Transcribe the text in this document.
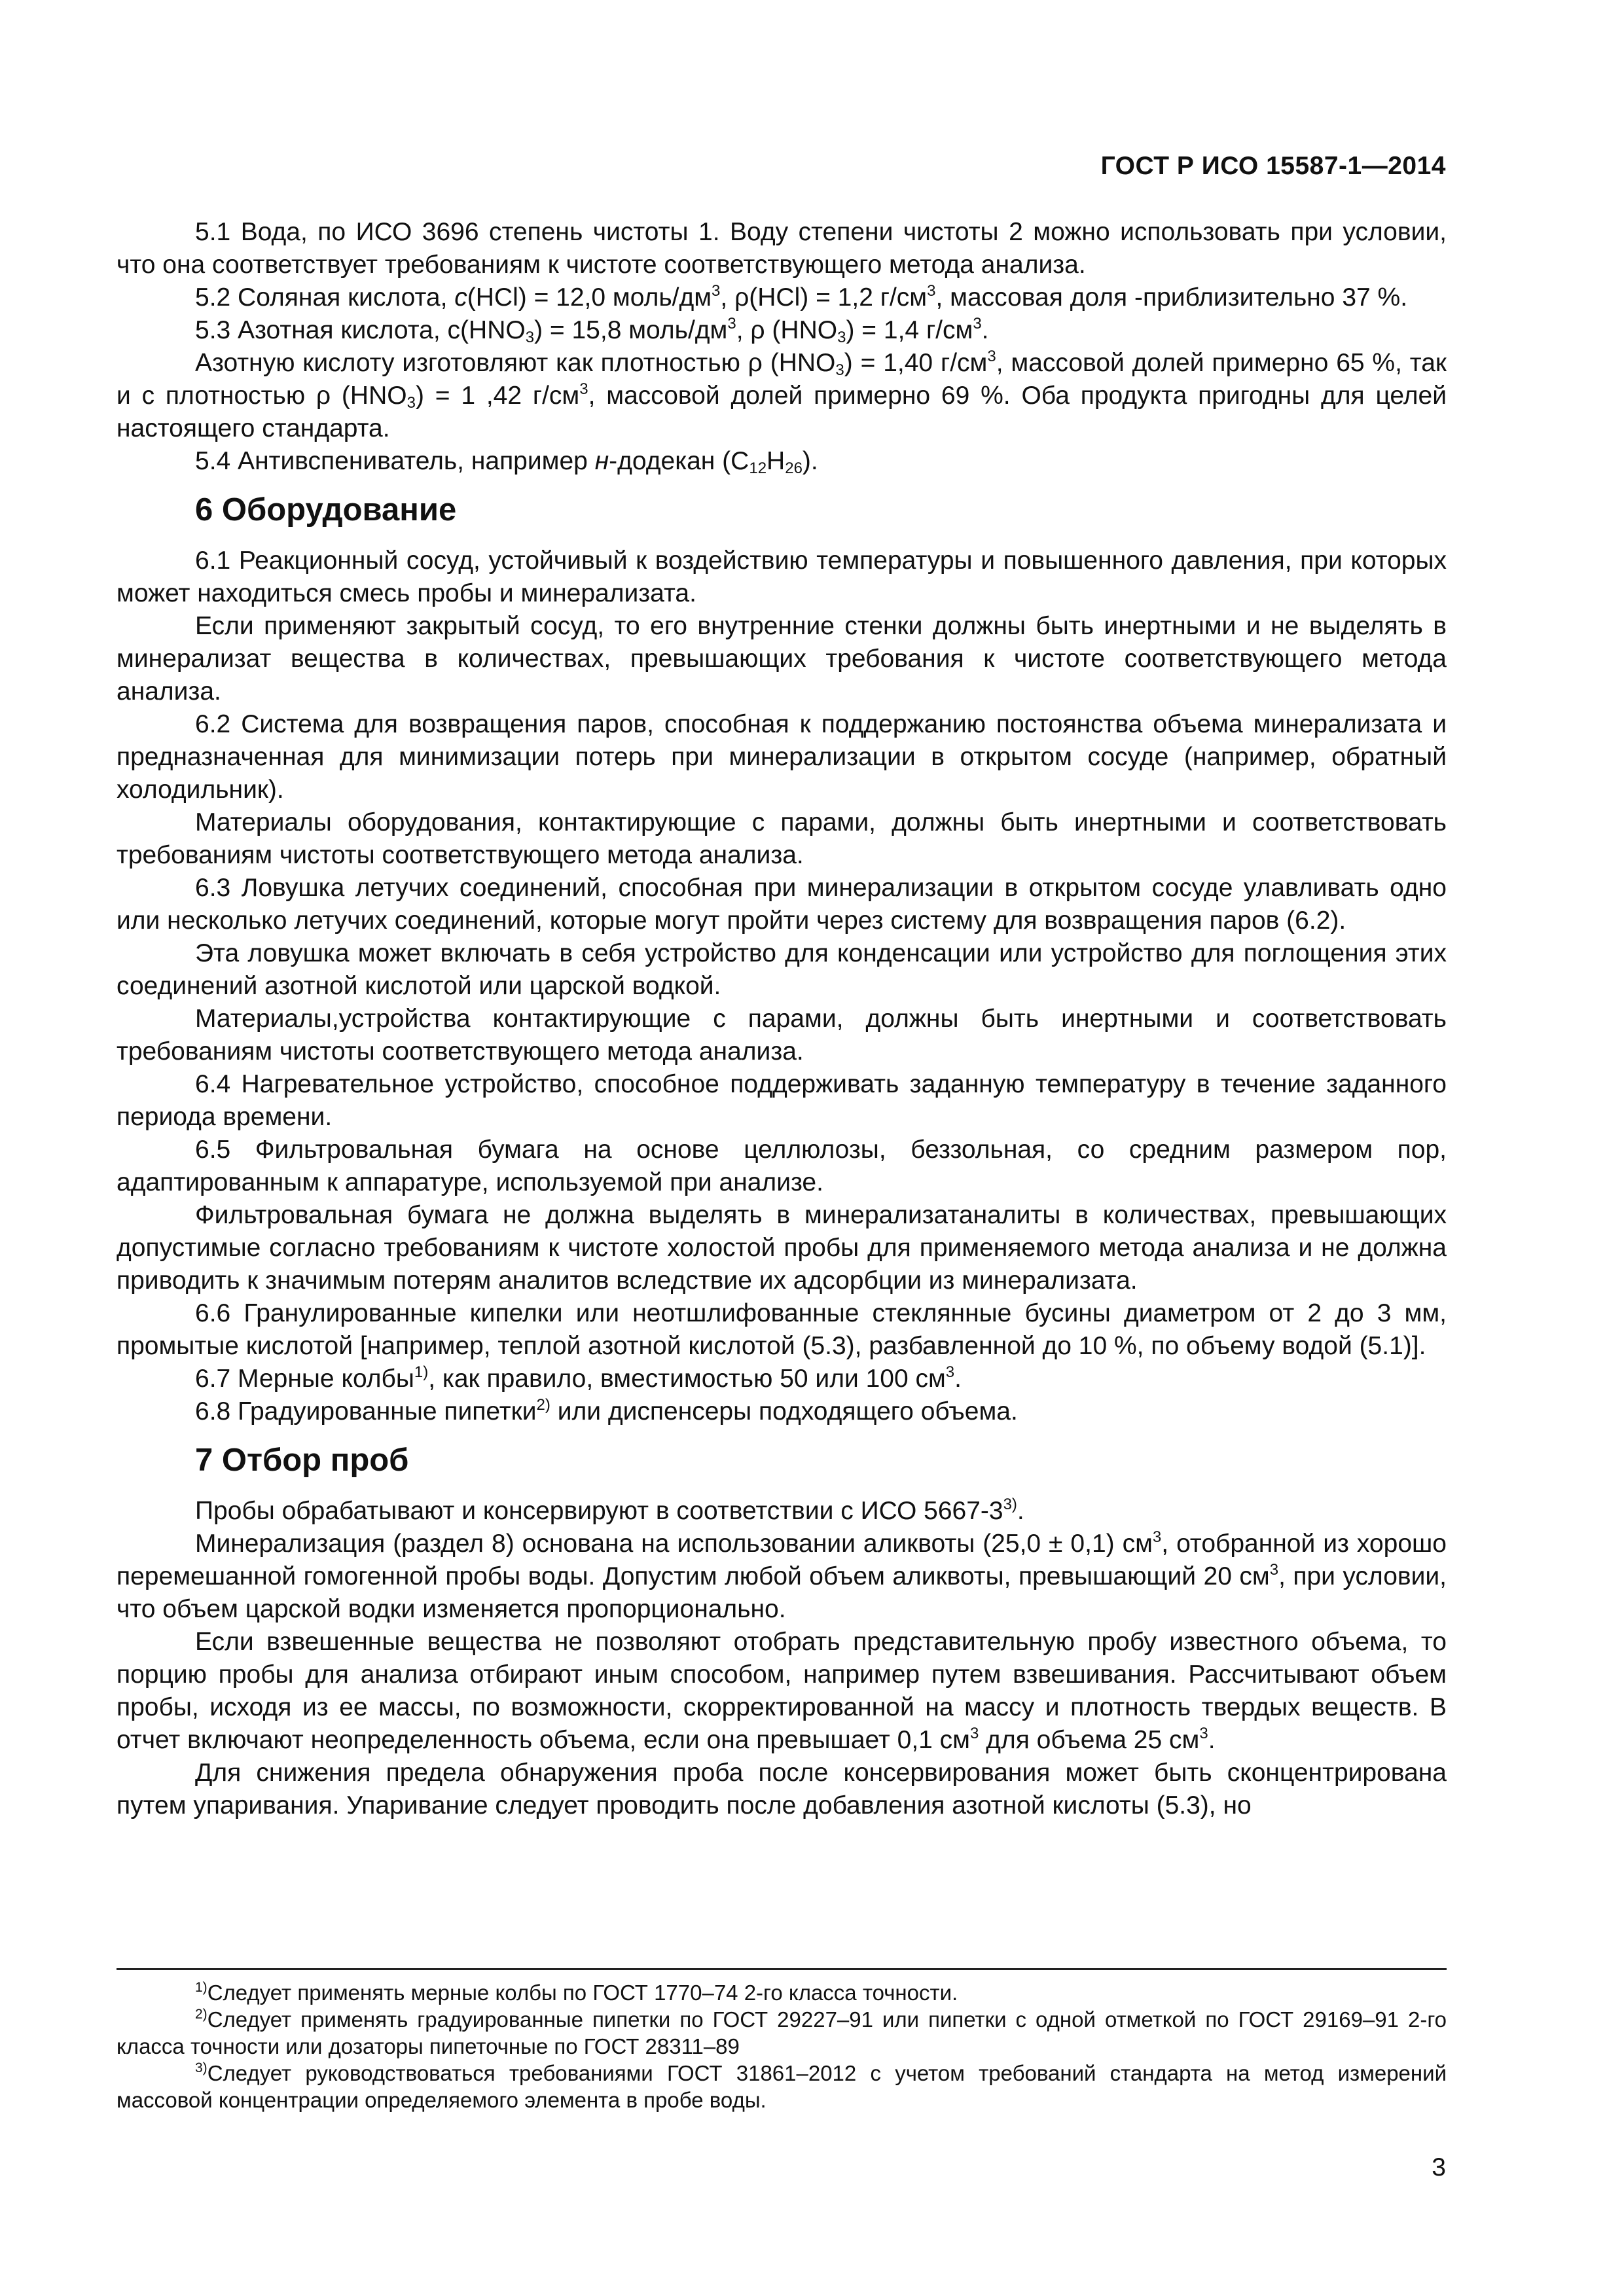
ГОСТ Р ИСО 15587-1—2014

5.1 Вода, по ИСО 3696 степень чистоты 1. Воду степени чистоты 2 можно использовать при условии, что она соответствует требованиям к чистоте соответствующего метода анализа.

5.2 Соляная кислота, c(HCl) = 12,0 моль/$дм^3$, ρ(HCl) = 1,2 $г/см^3$, массовая доля -приблизительно 37 %.

5.3 Азотная кислота, $c(HNO_3) = 15,8$ моль/$дм^3$, ρ $(HNO_3) = 1,4$ $г/см^3$.

Азотную кислоту изготовляют как плотностью ρ $(HNO_3) = 1,40$ $г/см^3$, массовой долей примерно 65 %, так и с плотностью ρ $(HNO_3) = 1$ ,42 $г/см^3$, массовой долей примерно 69 %. Оба продукта пригодны для целей настоящего стандарта.

5.4 Антивспениватель, например н-додекан $(C_{12}H_{26})$.

6 Оборудование

6.1 Реакционный сосуд, устойчивый к воздействию температуры и повышенного давления, при которых может находиться смесь пробы и минерализата.

Если применяют закрытый сосуд, то его внутренние стенки должны быть инертными и не выделять в минерализат вещества в количествах, превышающих требования к чистоте соответствующего метода анализа.

6.2 Система для возвращения паров, способная к поддержанию постоянства объема минерализата и предназначенная для минимизации потерь при минерализации в открытом сосуде (например, обратный холодильник).

Материалы оборудования, контактирующие с парами, должны быть инертными и соответствовать требованиям чистоты соответствующего метода анализа.

6.3 Ловушка летучих соединений, способная при минерализации в открытом сосуде улавливать одно или несколько летучих соединений, которые могут пройти через систему для возвращения паров (6.2).

Эта ловушка может включать в себя устройство для конденсации или устройство для поглощения этих соединений азотной кислотой или царской водкой.

Материалы,устройства контактирующие с парами, должны быть инертными и соответствовать требованиям чистоты соответствующего метода анализа.

6.4 Нагревательное устройство, способное поддерживать заданную температуру в течение заданного периода времени.

6.5 Фильтровальная бумага на основе целлюлозы, беззольная, со средним размером пор, адаптированным к аппаратуре, используемой при анализе.

Фильтровальная бумага не должна выделять в минерализатаналиты в количествах, превышающих допустимые согласно требованиям к чистоте холостой пробы для применяемого метода анализа и не должна приводить к значимым потерям аналитов вследствие их адсорбции из минерализата.

6.6 Гранулированные кипелки или неотшлифованные стеклянные бусины диаметром от 2 до 3 мм, промытые кислотой [например, теплой азотной кислотой (5.3), разбавленной до 10 %, по объему водой (5.1)].

6.7 Мерные колбы$^{1)}$, как правило, вместимостью 50 или 100 $см^3$.

6.8 Градуированные пипетки$^{2)}$ или диспенсеры подходящего объема.

7 Отбор проб

Пробы обрабатывают и консервируют в соответствии с ИСО 5667-3$^{3)}$.

Минерализация (раздел 8) основана на использовании аликвоты (25,0 ± 0,1) $см^3$, отобранной из хорошо перемешанной гомогенной пробы воды. Допустим любой объем аликвоты, превышающий 20 $см^3$, при условии, что объем царской водки изменяется пропорционально.

Если взвешенные вещества не позволяют отобрать представительную пробу известного объема, то порцию пробы для анализа отбирают иным способом, например путем взвешивания. Рассчитывают объем пробы, исходя из ее массы, по возможности, скорректированной на массу и плотность твердых веществ. В отчет включают неопределенность объема, если она превышает 0,1 $см^3$ для объема 25 $см^3$.

Для снижения предела обнаружения проба после консервирования может быть сконцентрирована путем упаривания. Упаривание следует проводить после добавления азотной кислоты (5.3), но

$^{1)}$Следует применять мерные колбы по ГОСТ 1770–74 2-го класса точности.

$^{2)}$Следует применять градуированные пипетки по ГОСТ 29227–91 или пипетки с одной отметкой по ГОСТ 29169–91 2-го класса точности или дозаторы пипеточные по ГОСТ 28311–89

$^{3)}$Следует руководствоваться требованиями ГОСТ 31861–2012 с учетом требований стандарта на метод измерений массовой концентрации определяемого элемента в пробе воды.

3
